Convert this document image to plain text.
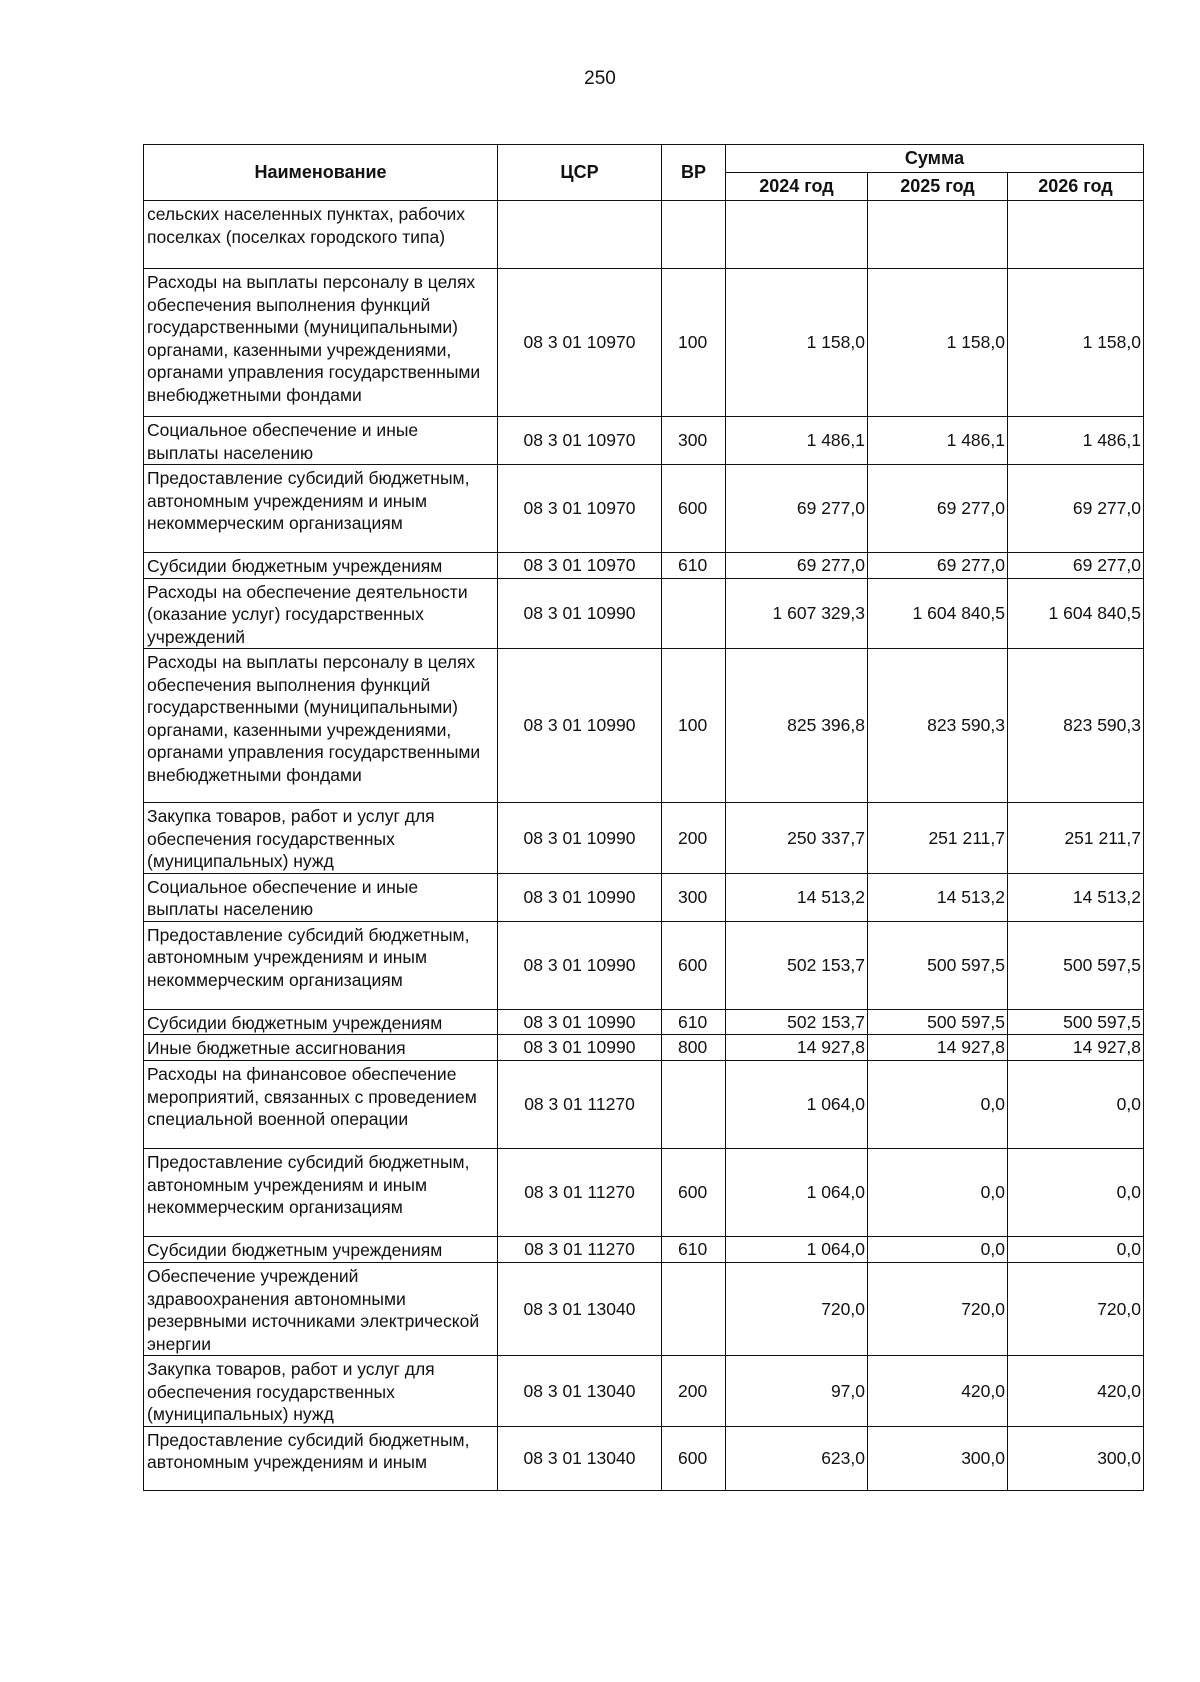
250
Наименование	ЦСР	ВР	Сумма		
			2024 год	2025 год	2026 год
сельских населенных пунктах, рабочих поселках (поселках городского типа)					
Расходы на выплаты персоналу в целях обеспечения выполнения функций государственными (муниципальными) органами, казенными учреждениями, органами управления государственными внебюджетными фондами	08 3 01 10970	100	1 158,0	1 158,0	1 158,0
Социальное обеспечение и иные выплаты населению	08 3 01 10970	300	1 486,1	1 486,1	1 486,1
Предоставление субсидий бюджетным, автономным учреждениям и иным некоммерческим организациям	08 3 01 10970	600	69 277,0	69 277,0	69 277,0
Субсидии бюджетным учреждениям	08 3 01 10970	610	69 277,0	69 277,0	69 277,0
Расходы на обеспечение деятельности (оказание услуг) государственных учреждений	08 3 01 10990		1 607 329,3	1 604 840,5	1 604 840,5
Расходы на выплаты персоналу в целях обеспечения выполнения функций государственными (муниципальными) органами, казенными учреждениями, органами управления государственными внебюджетными фондами	08 3 01 10990	100	825 396,8	823 590,3	823 590,3
Закупка товаров, работ и услуг для обеспечения государственных (муниципальных) нужд	08 3 01 10990	200	250 337,7	251 211,7	251 211,7
Социальное обеспечение и иные выплаты населению	08 3 01 10990	300	14 513,2	14 513,2	14 513,2
Предоставление субсидий бюджетным, автономным учреждениям и иным некоммерческим организациям	08 3 01 10990	600	502 153,7	500 597,5	500 597,5
Субсидии бюджетным учреждениям	08 3 01 10990	610	502 153,7	500 597,5	500 597,5
Иные бюджетные ассигнования	08 3 01 10990	800	14 927,8	14 927,8	14 927,8
Расходы на финансовое обеспечение мероприятий, связанных с проведением специальной военной операции	08 3 01 11270		1 064,0	0,0	0,0
Предоставление субсидий бюджетным, автономным учреждениям и иным некоммерческим организациям	08 3 01 11270	600	1 064,0	0,0	0,0
Субсидии бюджетным учреждениям	08 3 01 11270	610	1 064,0	0,0	0,0
Обеспечение учреждений здравоохранения автономными резервными источниками электрической энергии	08 3 01 13040		720,0	720,0	720,0
Закупка товаров, работ и услуг для обеспечения государственных (муниципальных) нужд	08 3 01 13040	200	97,0	420,0	420,0
Предоставление субсидий бюджетным, автономным учреждениям и иным	08 3 01 13040	600	623,0	300,0	300,0
